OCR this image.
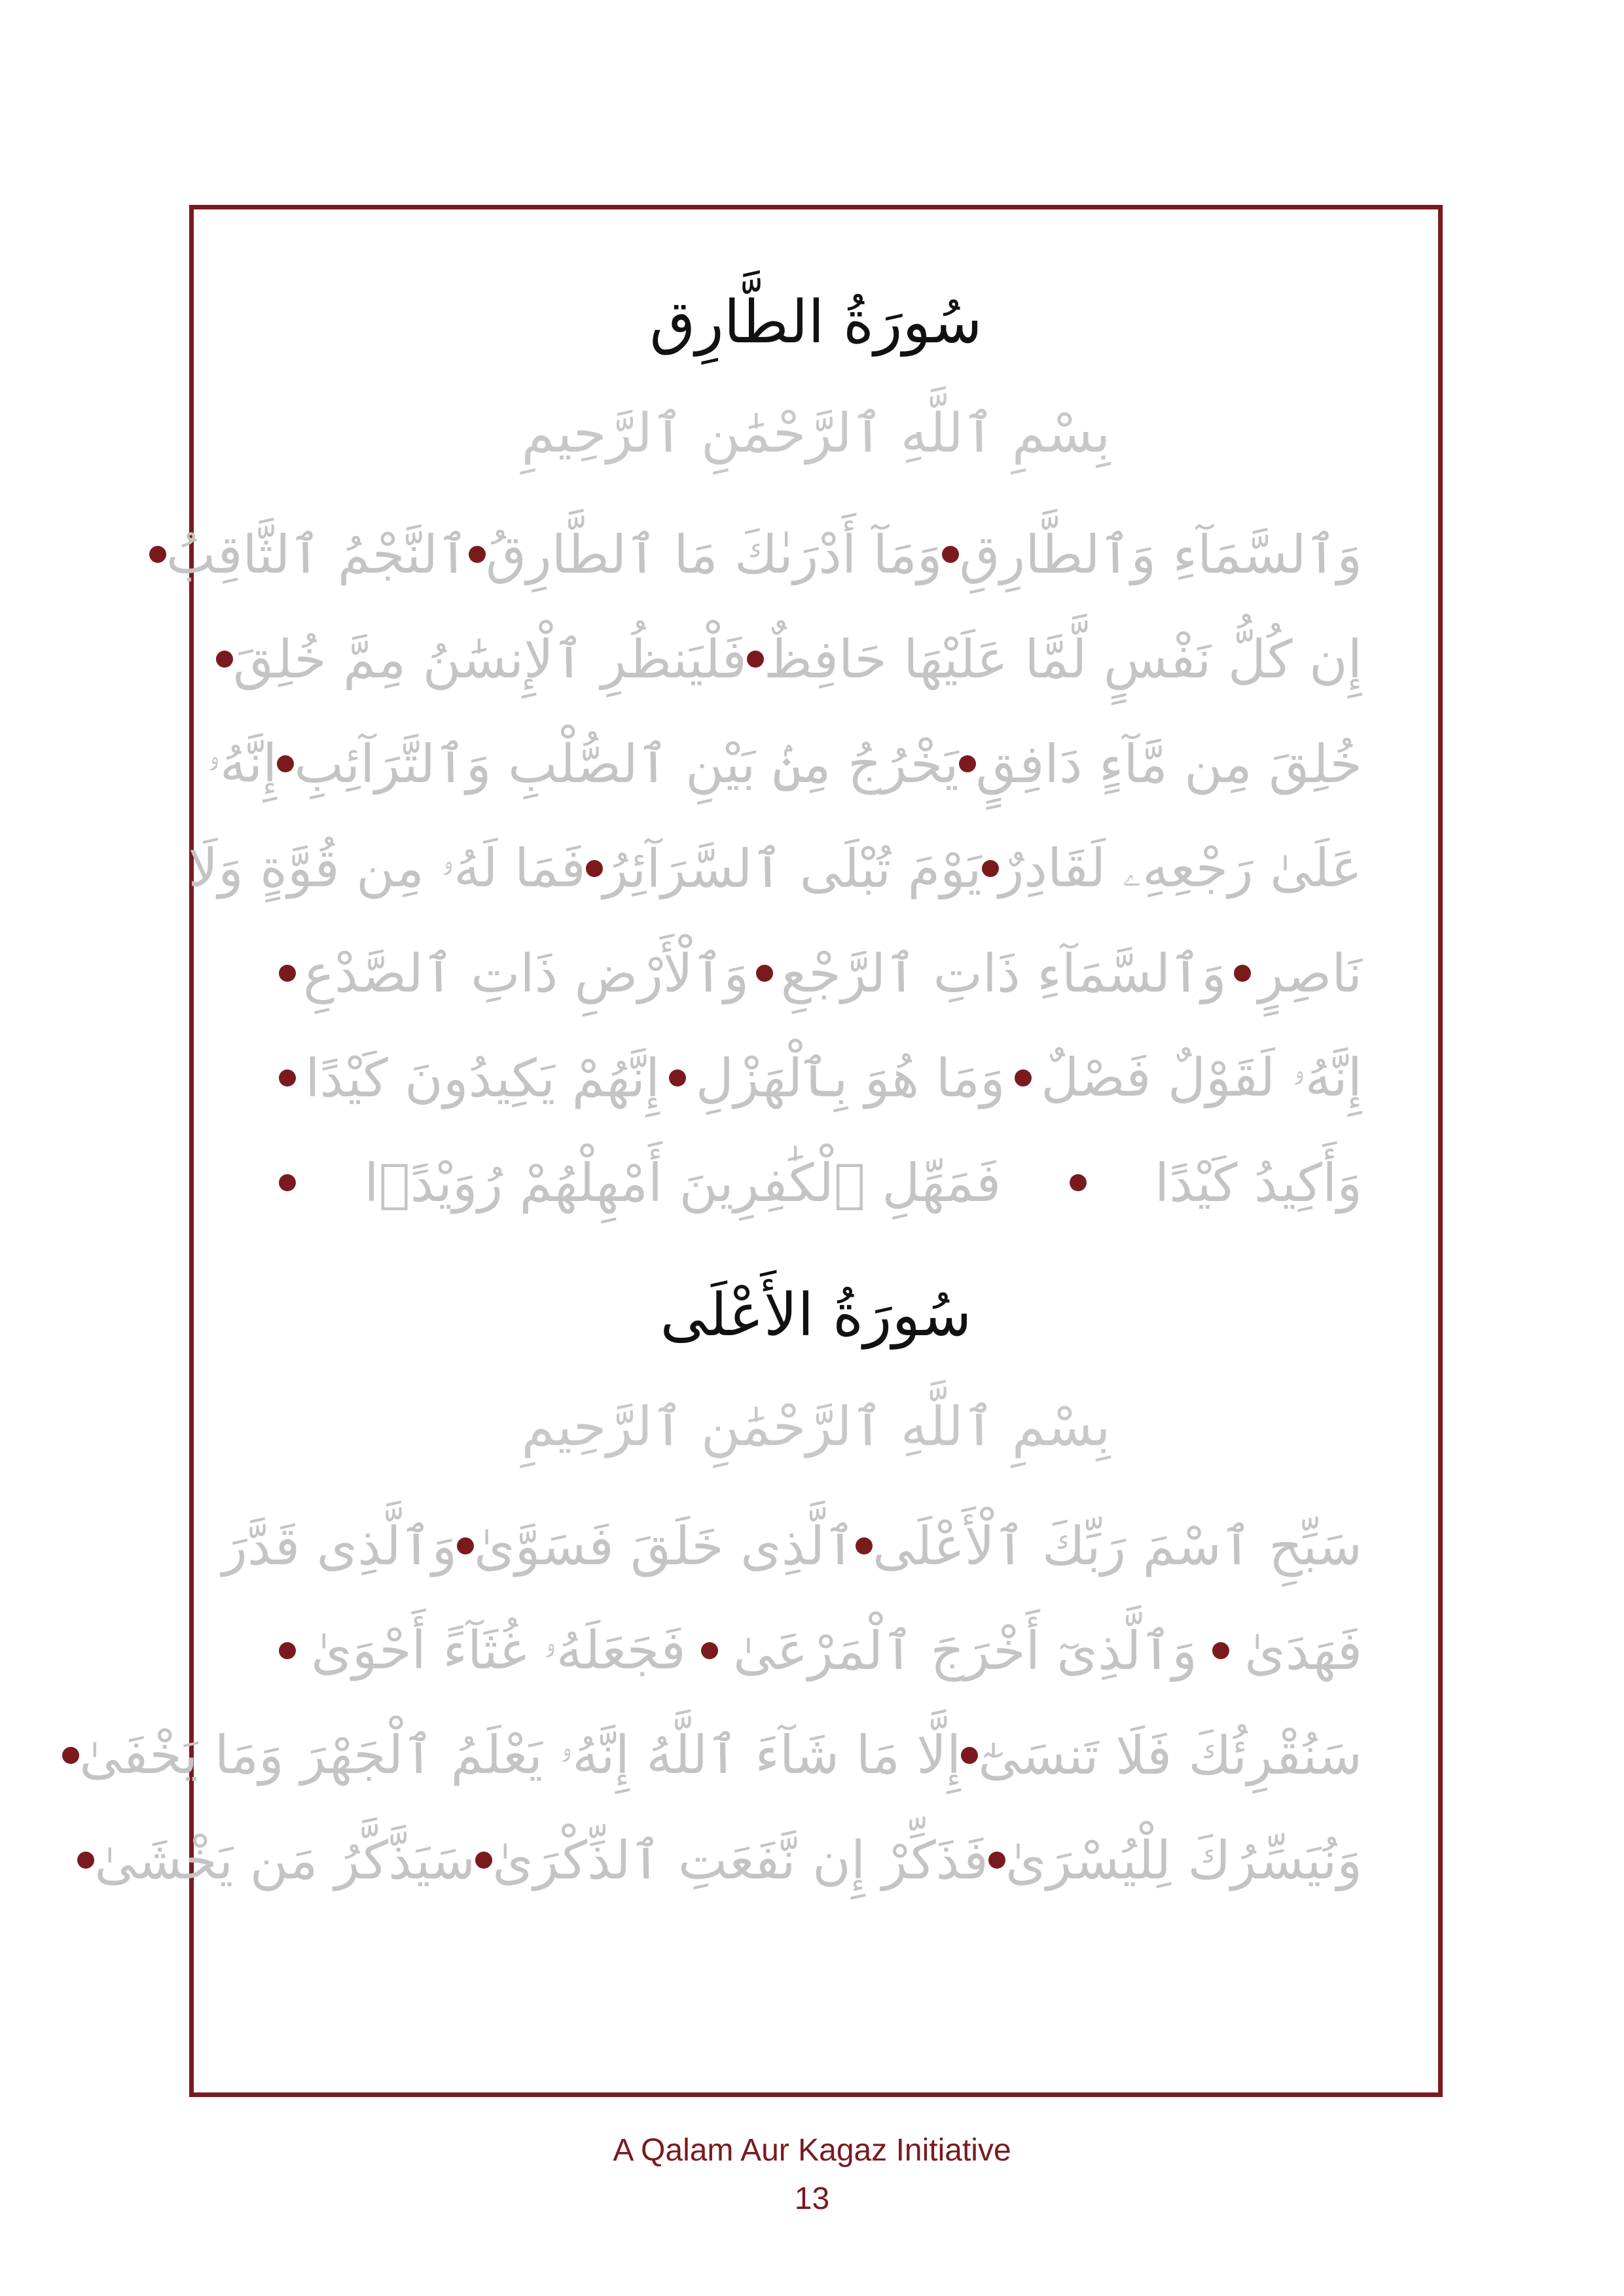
سُورَةُ الطَّارِق
بِسْمِ ٱللَّهِ ٱلرَّحْمَٰنِ ٱلرَّحِيمِ
وَٱلسَّمَآءِ وَٱلطَّارِقِ
وَمَآ أَدْرَىٰكَ مَا ٱلطَّارِقُ
ٱلنَّجْمُ ٱلثَّاقِبُ
إِن كُلُّ نَفْسٍ لَّمَّا عَلَيْهَا حَافِظٌ
فَلْيَنظُرِ ٱلْإِنسَٰنُ مِمَّ خُلِقَ
خُلِقَ مِن مَّآءٍ دَافِقٍ
يَخْرُجُ مِنۢ بَيْنِ ٱلصُّلْبِ وَٱلتَّرَآئِبِ
إِنَّهُۥ
عَلَىٰ رَجْعِهِۦ لَقَادِرٌ
يَوْمَ تُبْلَى ٱلسَّرَآئِرُ
فَمَا لَهُۥ مِن قُوَّةٍ وَلَا
نَاصِرٍ
وَٱلسَّمَآءِ ذَاتِ ٱلرَّجْعِ
وَٱلْأَرْضِ ذَاتِ ٱلصَّدْعِ
إِنَّهُۥ لَقَوْلٌ فَصْلٌ
وَمَا هُوَ بِٱلْهَزْلِ
إِنَّهُمْ يَكِيدُونَ كَيْدًا
وَأَكِيدُ كَيْدًا
فَمَهِّلِ ٱلْكَٰفِرِينَ أَمْهِلْهُمْ رُوَيْدًۢا
سُورَةُ الأَعْلَى
بِسْمِ ٱللَّهِ ٱلرَّحْمَٰنِ ٱلرَّحِيمِ
سَبِّحِ ٱسْمَ رَبِّكَ ٱلْأَعْلَى
ٱلَّذِى خَلَقَ فَسَوَّىٰ
وَٱلَّذِى قَدَّرَ
فَهَدَىٰ
وَٱلَّذِىٓ أَخْرَجَ ٱلْمَرْعَىٰ
فَجَعَلَهُۥ غُثَآءً أَحْوَىٰ
سَنُقْرِئُكَ فَلَا تَنسَىٰٓ
إِلَّا مَا شَآءَ ٱللَّهُ إِنَّهُۥ يَعْلَمُ ٱلْجَهْرَ وَمَا يَخْفَىٰ
وَنُيَسِّرُكَ لِلْيُسْرَىٰ
فَذَكِّرْ إِن نَّفَعَتِ ٱلذِّكْرَىٰ
سَيَذَّكَّرُ مَن يَخْشَىٰ
A Qalam Aur Kagaz Initiative
13
